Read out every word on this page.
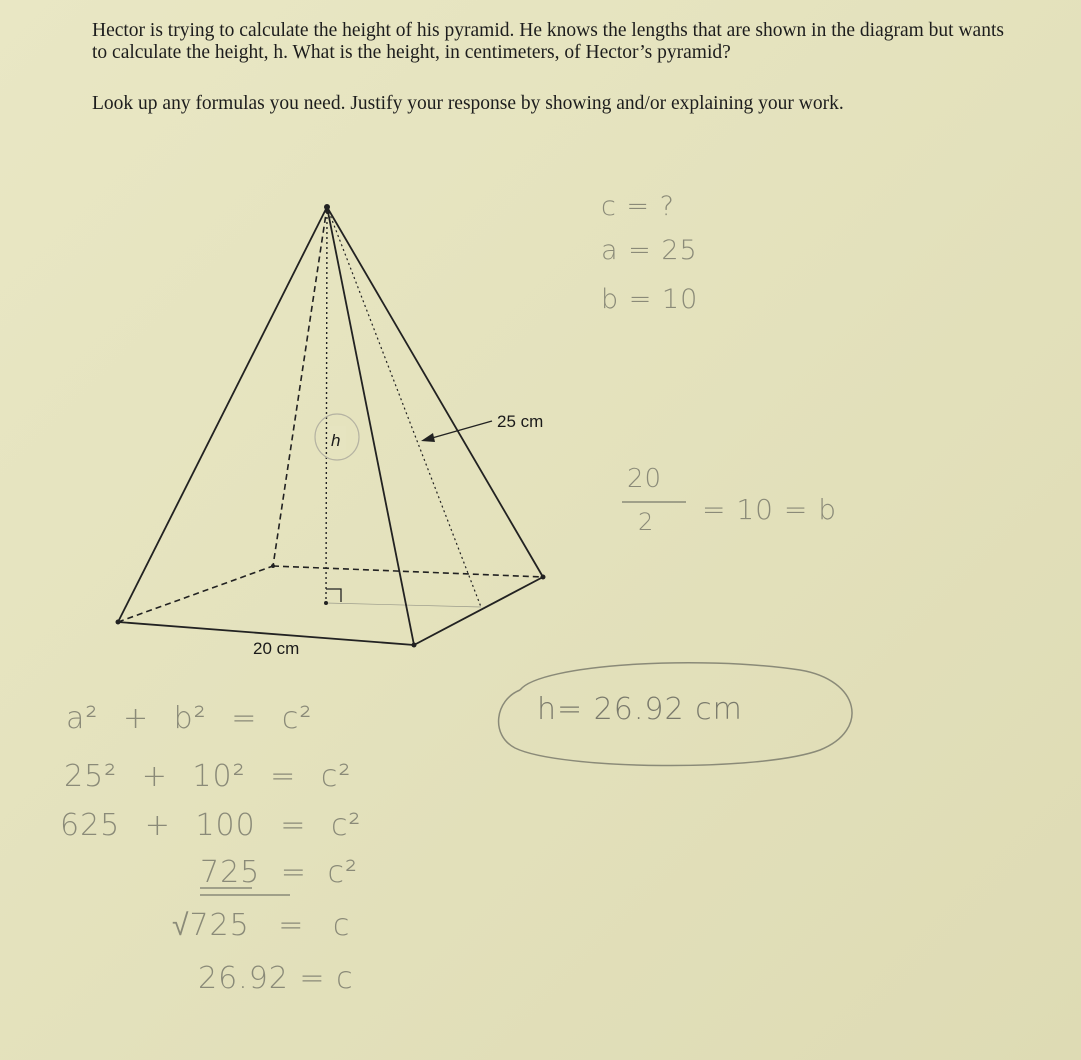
Hector is trying to calculate the height of his pyramid. He knows the lengths that are shown in the diagram but wants to calculate the height, h. What is the height, in centimeters, of Hector’s pyramid?

Look up any formulas you need. Justify your response by showing and/or explaining your work.

h
25 cm
20 cm
c = ?
a = 25
b = 10
20
2 = 10 = b
h= 26.92 cm
a² + b² = c²
25² + 10² = c²
625 + 100 = c²
725 = c²
√725 = c
26.92 = c
